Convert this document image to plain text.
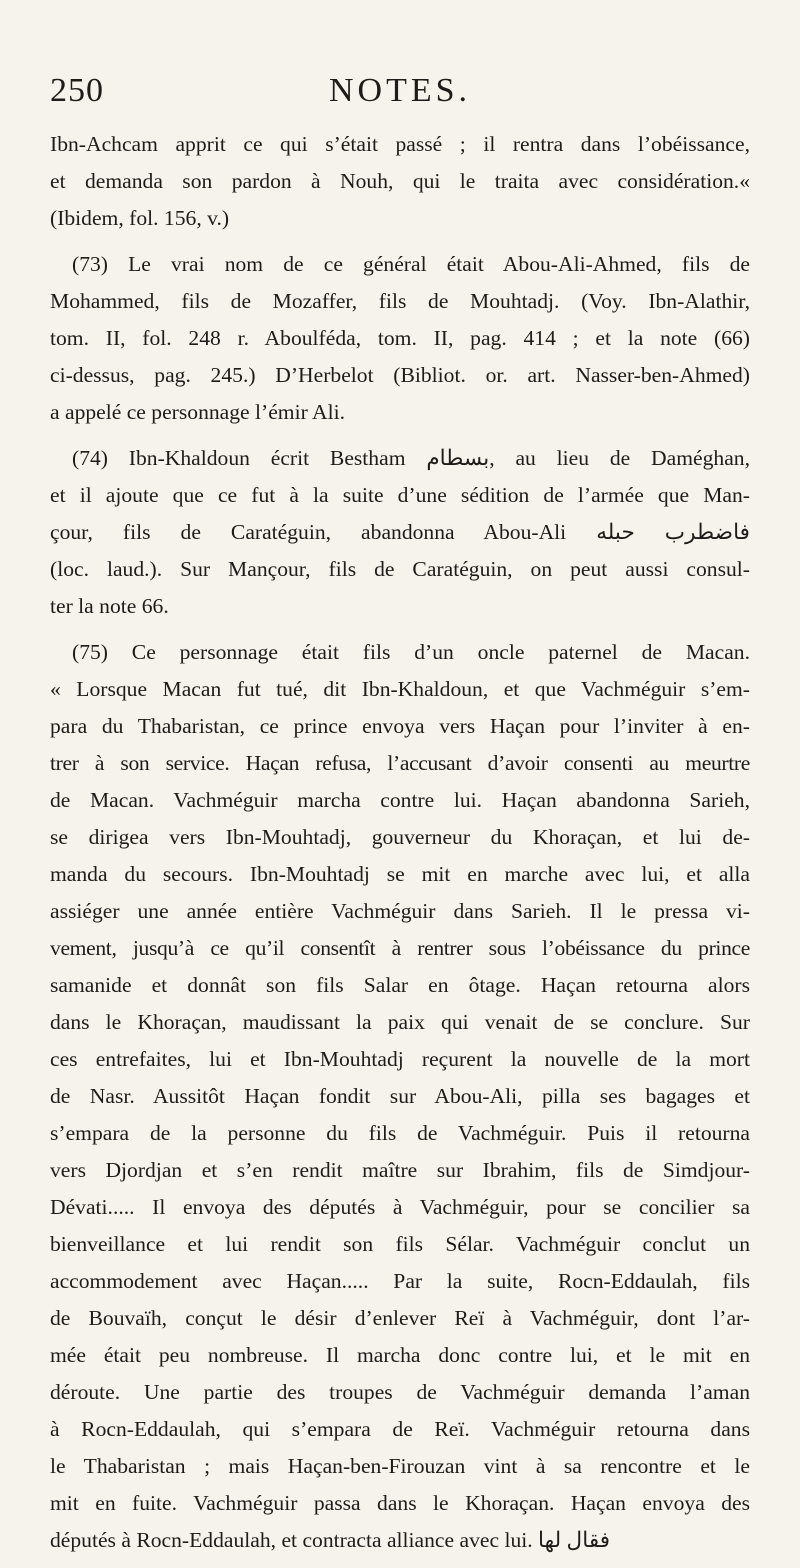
250	NOTES.
Ibn-Achcam apprit ce qui s’était passé ; il rentra dans l’obéissance,
et demanda son pardon à Nouh, qui le traita avec considération.«
(Ibidem, fol. 156, v.)
(73) Le vrai nom de ce général était Abou-Ali-Ahmed, fils de
Mohammed, fils de Mozaffer, fils de Mouhtadj. (Voy. Ibn-Alathir,
tom. II, fol. 248 r. Aboulféda, tom. II, pag. 414 ; et la note (66)
ci-dessus, pag. 245.) D’Herbelot (Bibliot. or. art. Nasser-ben-Ahmed)
a appelé ce personnage l’émir Ali.
(74) Ibn-Khaldoun écrit Bestham بسطام, au lieu de Daméghan,
et il ajoute que ce fut à la suite d’une sédition de l’armée que Man-
çour, fils de Caratéguin, abandonna Abou-Ali فاضطرب حبله
(loc. laud.). Sur Mançour, fils de Caratéguin, on peut aussi consul-
ter la note 66.
(75) Ce personnage était fils d’un oncle paternel de Macan.
« Lorsque Macan fut tué, dit Ibn-Khaldoun, et que Vachméguir s’em-
para du Thabaristan, ce prince envoya vers Haçan pour l’inviter à en-
trer à son service. Haçan refusa, l’accusant d’avoir consenti au meurtre
de Macan. Vachméguir marcha contre lui. Haçan abandonna Sarieh,
se dirigea vers Ibn-Mouhtadj, gouverneur du Khoraçan, et lui de-
manda du secours. Ibn-Mouhtadj se mit en marche avec lui, et alla
assiéger une année entière Vachméguir dans Sarieh. Il le pressa vi-
vement, jusqu’à ce qu’il consentît à rentrer sous l’obéissance du prince
samanide et donnât son fils Salar en ôtage. Haçan retourna alors
dans le Khoraçan, maudissant la paix qui venait de se conclure. Sur
ces entrefaites, lui et Ibn-Mouhtadj reçurent la nouvelle de la mort
de Nasr. Aussitôt Haçan fondit sur Abou-Ali, pilla ses bagages et
s’empara de la personne du fils de Vachméguir. Puis il retourna
vers Djordjan et s’en rendit maître sur Ibrahim, fils de Simdjour-
Dévati..... Il envoya des députés à Vachméguir, pour se concilier sa
bienveillance et lui rendit son fils Sélar. Vachméguir conclut un
accommodement avec Haçan..... Par la suite, Rocn-Eddaulah, fils
de Bouvaïh, conçut le désir d’enlever Reï à Vachméguir, dont l’ar-
mée était peu nombreuse. Il marcha donc contre lui, et le mit en
déroute. Une partie des troupes de Vachméguir demanda l’aman
à Rocn-Eddaulah, qui s’empara de Reï. Vachméguir retourna dans
le Thabaristan ; mais Haçan-ben-Firouzan vint à sa rencontre et le
mit en fuite. Vachméguir passa dans le Khoraçan. Haçan envoya des
députés à Rocn-Eddaulah, et contracta alliance avec lui. فقال لها
